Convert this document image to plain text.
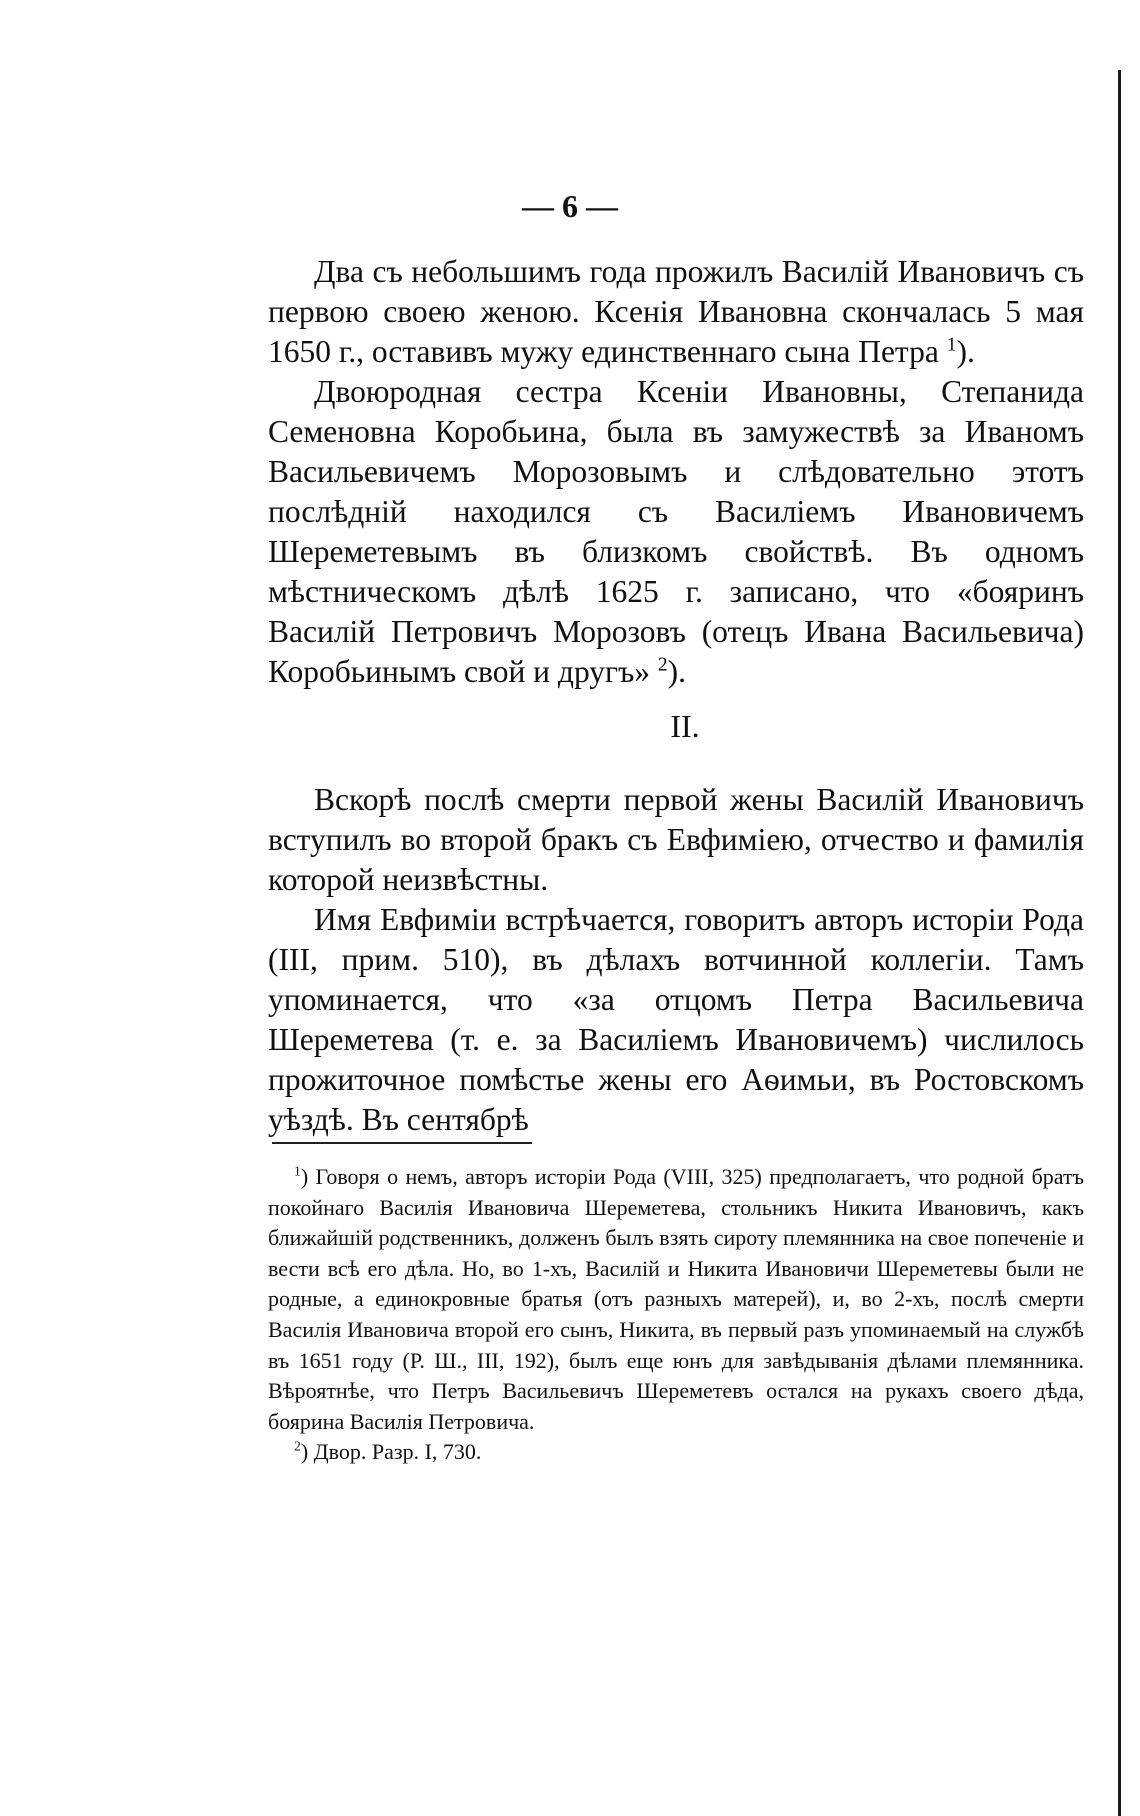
— 6 —

Два съ небольшимъ года прожилъ Василій Ивановичъ съ первою своею женою. Ксенія Ивановна скончалась 5 мая 1650 г., оставивъ мужу единственнаго сына Петра $^1$).

Двоюродная сестра Ксеніи Ивановны, Степанида Семеновна Коробьина, была въ замужествѣ за Иваномъ Васильевичемъ Морозовымъ и слѣдовательно этотъ послѣдній находился съ Василіемъ Ивановичемъ Шереметевымъ въ близкомъ свойствѣ. Въ одномъ мѣстническомъ дѣлѣ 1625 г. записано, что «бояринъ Василій Петровичъ Морозовъ (отецъ Ивана Васильевича) Коробьинымъ свой и другъ» $^2$).

II.

Вскорѣ послѣ смерти первой жены Василій Ивановичъ вступилъ во второй бракъ съ Евфиміею, отчество и фамилія которой неизвѣстны.

Имя Евфиміи встрѣчается, говоритъ авторъ исторіи Рода (III, прим. 510), въ дѣлахъ вотчинной коллегіи. Тамъ упоминается, что «за отцомъ Петра Васильевича Шереметева (т. е. за Василіемъ Ивановичемъ) числилось прожиточное помѣстье жены его Аѳимьи, въ Ростовскомъ уѣздѣ. Въ сентябрѣ

$^1$) Говоря о немъ, авторъ исторіи Рода (VIII, 325) предполагаетъ, что родной братъ покойнаго Василія Ивановича Шереметева, стольникъ Никита Ивановичъ, какъ ближайшій родственникъ, долженъ былъ взять сироту племянника на свое попеченіе и вести всѣ его дѣла. Но, во 1-хъ, Василій и Никита Ивановичи Шереметевы были не родные, а единокровные братья (отъ разныхъ матерей), и, во 2-хъ, послѣ смерти Василія Ивановича второй его сынъ, Никита, въ первый разъ упоминаемый на службѣ въ 1651 году (Р. Ш., III, 192), былъ еще юнъ для завѣдыванія дѣлами племянника. Вѣроятнѣе, что Петръ Васильевичъ Шереметевъ остался на рукахъ своего дѣда, боярина Василія Петровича.

$^2$) Двор. Разр. I, 730.
